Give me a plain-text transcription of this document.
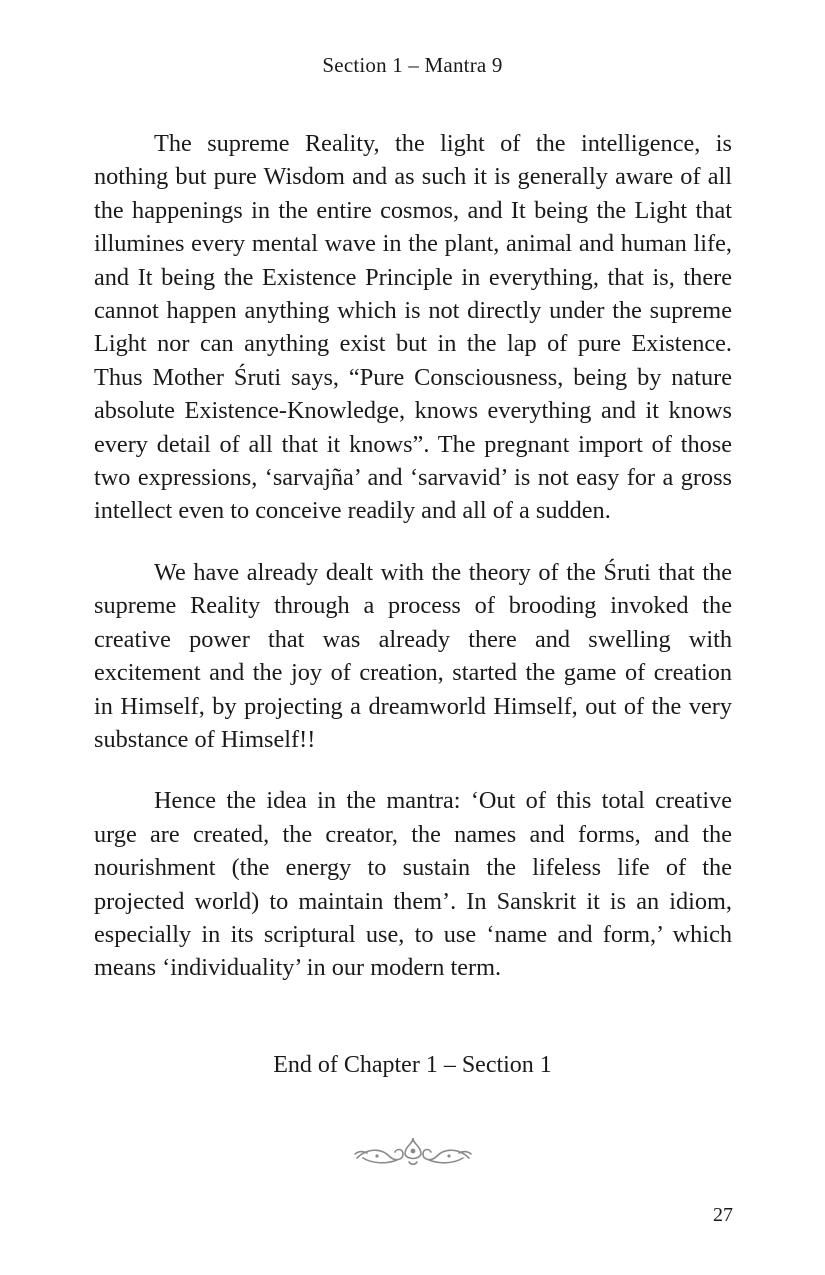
Section 1 – Mantra 9

The supreme Reality, the light of the intelligence, is nothing but pure Wisdom and as such it is generally aware of all the happenings in the entire cosmos, and It being the Light that illumines every mental wave in the plant, animal and human life, and It being the Existence Principle in everything, that is, there cannot happen anything which is not directly under the supreme Light nor can anything exist but in the lap of pure Existence. Thus Mother Śruti says, “Pure Consciousness, being by nature absolute Existence-Knowledge, knows everything and it knows every detail of all that it knows”. The pregnant import of those two expressions, ‘sarvajña’ and ‘sarvavid’ is not easy for a gross intellect even to conceive readily and all of a sudden.

We have already dealt with the theory of the Śruti that the supreme Reality through a process of brooding invoked the creative power that was already there and swelling with excitement and the joy of creation, started the game of creation in Himself, by projecting a dreamworld Himself, out of the very substance of Himself!!

Hence the idea in the mantra: ‘Out of this total creative urge are created, the creator, the names and forms, and the nourishment (the energy to sustain the lifeless life of the projected world) to maintain them’. In Sanskrit it is an idiom, especially in its scriptural use, to use ‘name and form,’ which means ‘individuality’ in our modern term.

End of Chapter 1 – Section 1
27
